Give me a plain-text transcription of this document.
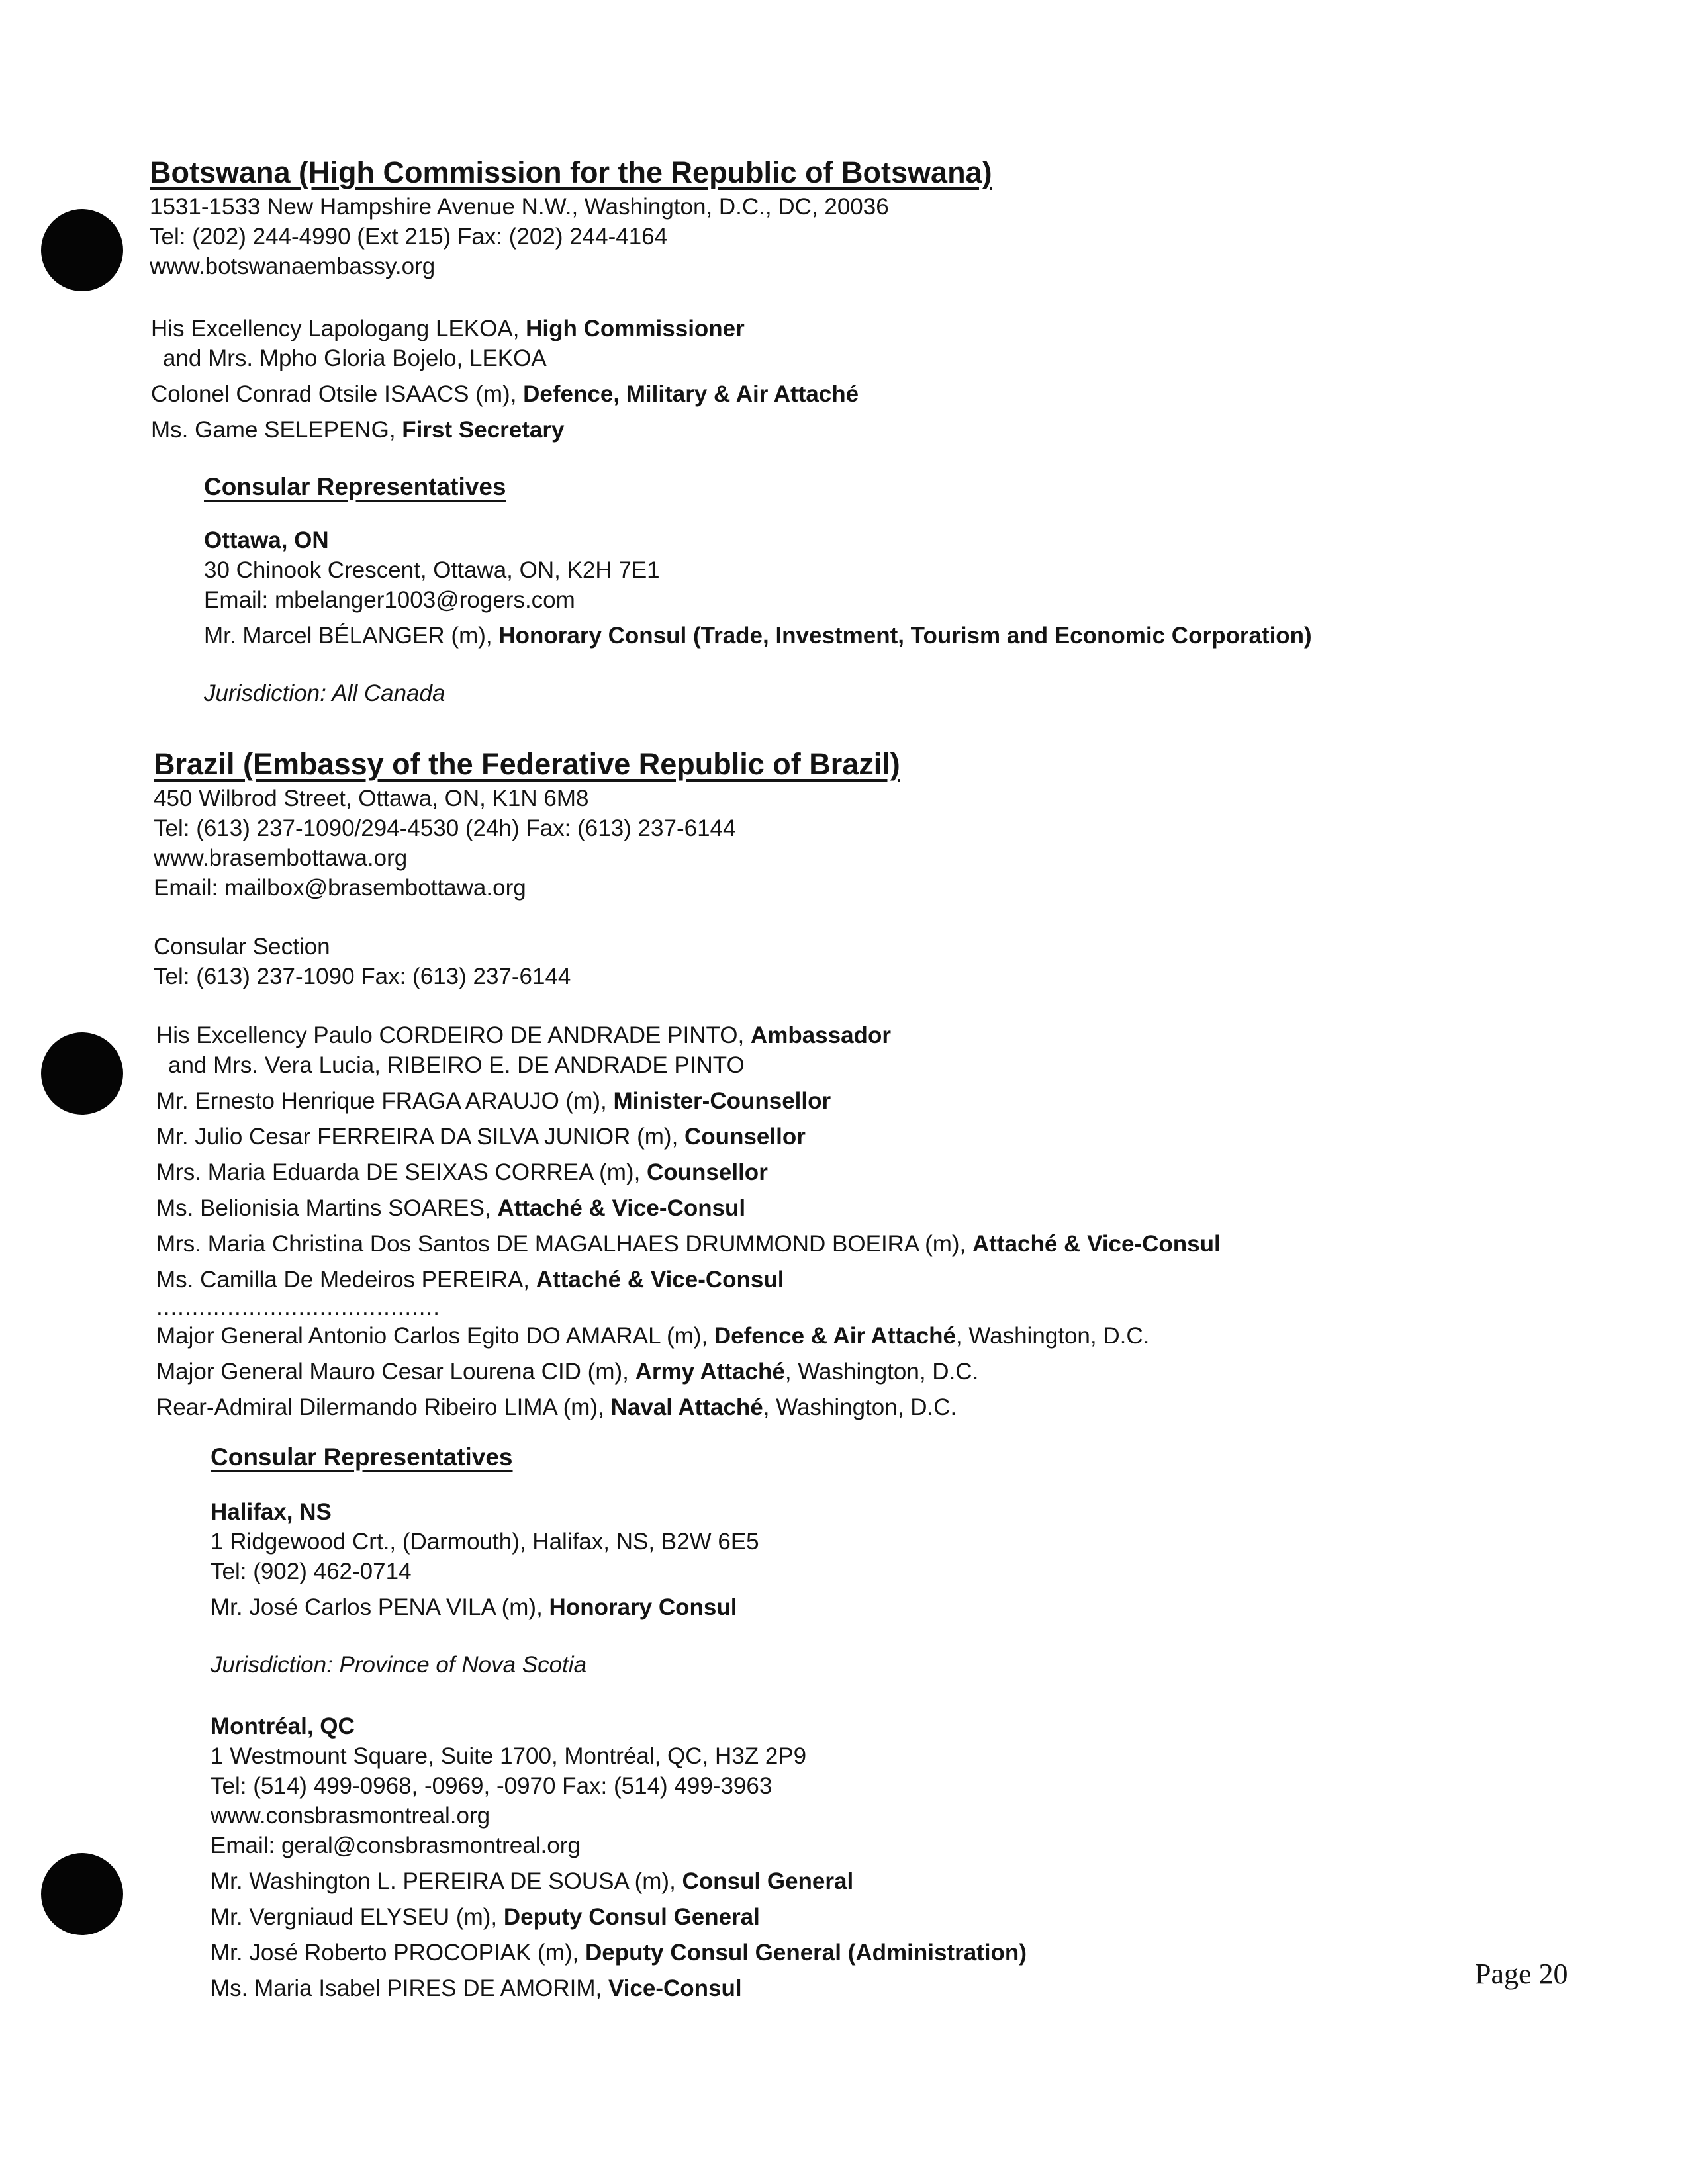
Botswana (High Commission for the Republic of Botswana)
1531-1533 New Hampshire Avenue N.W., Washington, D.C., DC, 20036
Tel: (202) 244-4990 (Ext 215) Fax: (202) 244-4164
www.botswanaembassy.org
His Excellency Lapologang LEKOA, High Commissioner
and Mrs. Mpho Gloria Bojelo, LEKOA
Colonel Conrad Otsile ISAACS (m), Defence, Military & Air Attaché
Ms. Game SELEPENG, First Secretary
Consular Representatives
Ottawa, ON
30 Chinook Crescent, Ottawa, ON, K2H 7E1
Email: mbelanger1003@rogers.com
Mr. Marcel BÉLANGER (m), Honorary Consul (Trade, Investment, Tourism and Economic Corporation)
Jurisdiction: All Canada
Brazil (Embassy of the Federative Republic of Brazil)
450 Wilbrod Street, Ottawa, ON, K1N 6M8
Tel: (613) 237-1090/294-4530 (24h) Fax: (613) 237-6144
www.brasembottawa.org
Email: mailbox@brasembottawa.org
Consular Section
Tel: (613) 237-1090 Fax: (613) 237-6144
His Excellency Paulo CORDEIRO DE ANDRADE PINTO, Ambassador
and Mrs. Vera Lucia, RIBEIRO E. DE ANDRADE PINTO
Mr. Ernesto Henrique FRAGA ARAUJO (m), Minister-Counsellor
Mr. Julio Cesar FERREIRA DA SILVA JUNIOR (m), Counsellor
Mrs. Maria Eduarda DE SEIXAS CORREA (m), Counsellor
Ms. Belionisia Martins SOARES, Attaché & Vice-Consul
Mrs. Maria Christina Dos Santos DE MAGALHAES DRUMMOND BOEIRA (m), Attaché & Vice-Consul
Ms. Camilla De Medeiros PEREIRA, Attaché & Vice-Consul
........................................
Major General Antonio Carlos Egito DO AMARAL (m), Defence & Air Attaché, Washington, D.C.
Major General Mauro Cesar Lourena CID (m), Army Attaché, Washington, D.C.
Rear-Admiral Dilermando Ribeiro LIMA (m), Naval Attaché, Washington, D.C.
Consular Representatives
Halifax, NS
1 Ridgewood Crt., (Darmouth), Halifax, NS, B2W 6E5
Tel: (902) 462-0714
Mr. José Carlos PENA VILA (m), Honorary Consul
Jurisdiction: Province of Nova Scotia
Montréal, QC
1 Westmount Square, Suite 1700, Montréal, QC, H3Z 2P9
Tel: (514) 499-0968, -0969, -0970 Fax: (514) 499-3963
www.consbrasmontreal.org
Email: geral@consbrasmontreal.org
Mr. Washington L. PEREIRA DE SOUSA (m), Consul General
Mr. Vergniaud ELYSEU (m), Deputy Consul General
Mr. José Roberto PROCOPIAK (m), Deputy Consul General (Administration)
Ms. Maria Isabel PIRES DE AMORIM, Vice-Consul	Page 20
